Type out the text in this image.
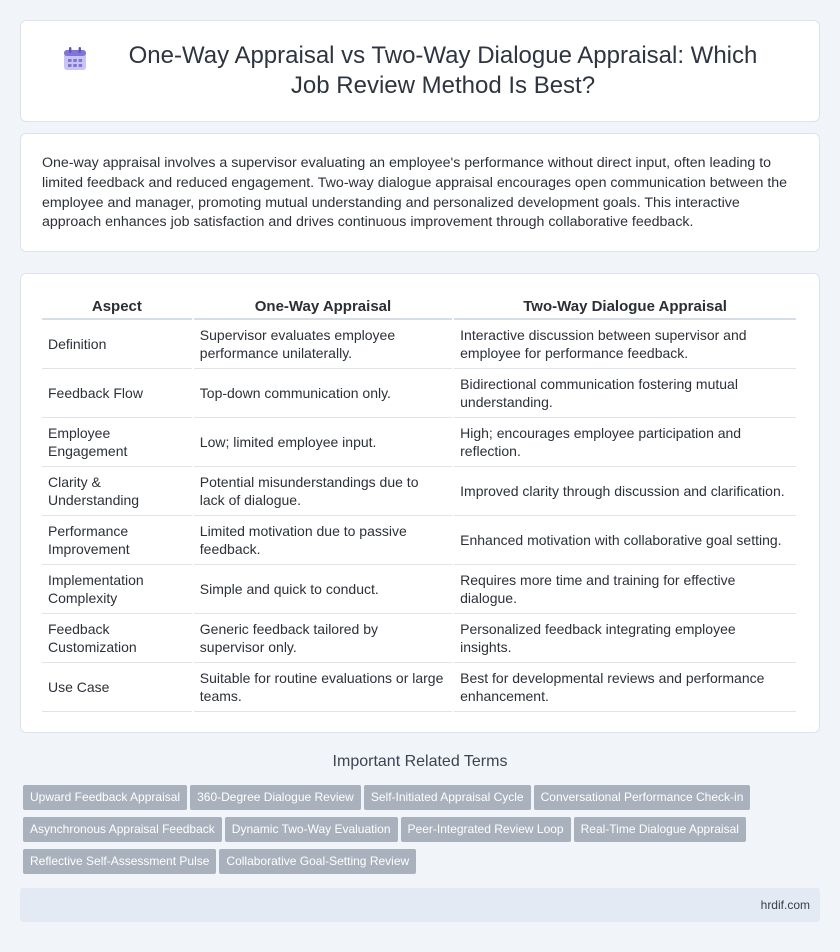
One-Way Appraisal vs Two-Way Dialogue Appraisal: Which Job Review Method Is Best?

One-way appraisal involves a supervisor evaluating an employee's performance without direct input, often leading to limited feedback and reduced engagement. Two-way dialogue appraisal encourages open communication between the employee and manager, promoting mutual understanding and personalized development goals. This interactive approach enhances job satisfaction and drives continuous improvement through collaborative feedback.

Aspect	One-Way Appraisal	Two-Way Dialogue Appraisal
Definition	Supervisor evaluates employee performance unilaterally.	Interactive discussion between supervisor and employee for performance feedback.
Feedback Flow	Top-down communication only.	Bidirectional communication fostering mutual understanding.
Employee Engagement	Low; limited employee input.	High; encourages employee participation and reflection.
Clarity & Understanding	Potential misunderstandings due to lack of dialogue.	Improved clarity through discussion and clarification.
Performance Improvement	Limited motivation due to passive feedback.	Enhanced motivation with collaborative goal setting.
Implementation Complexity	Simple and quick to conduct.	Requires more time and training for effective dialogue.
Feedback Customization	Generic feedback tailored by supervisor only.	Personalized feedback integrating employee insights.
Use Case	Suitable for routine evaluations or large teams.	Best for developmental reviews and performance enhancement.
Important Related Terms
Upward Feedback Appraisal 360-Degree Dialogue Review Self-Initiated Appraisal Cycle Conversational Performance Check-in
Asynchronous Appraisal Feedback Dynamic Two-Way Evaluation Peer-Integrated Review Loop Real-Time Dialogue Appraisal
Reflective Self-Assessment Pulse Collaborative Goal-Setting Review
hrdif.com
